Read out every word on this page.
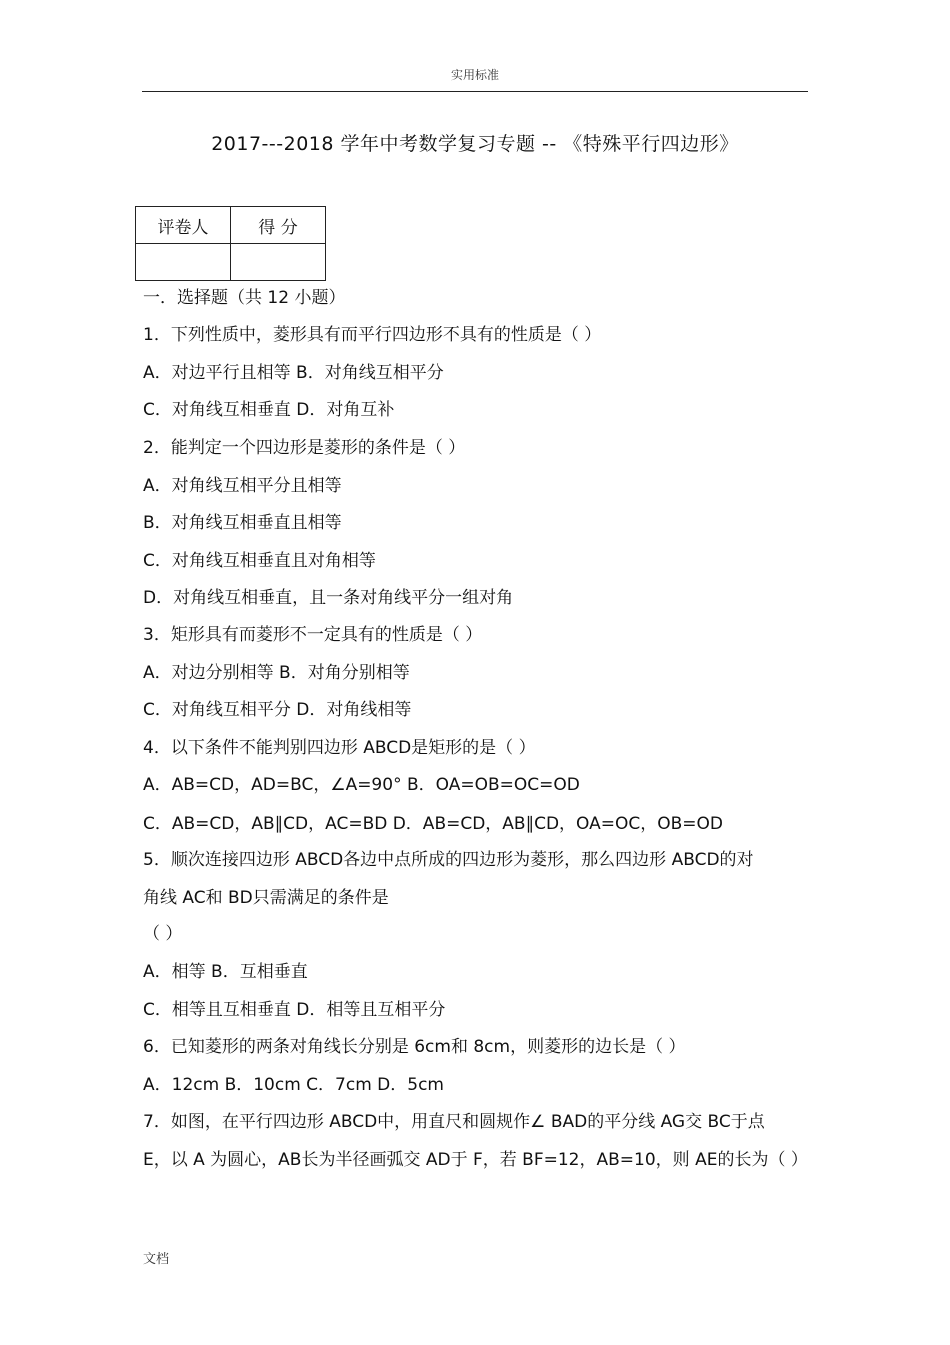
实用标准
2017---2018 学年中考数学复习专题 -- 《特殊平行四边形》
评卷人	得 分

一．选择题（共 12 小题）
1．下列性质中，菱形具有而平行四边形不具有的性质是（ ）
A．对边平行且相等 B．对角线互相平分
C．对角线互相垂直 D．对角互补
2．能判定一个四边形是菱形的条件是（ ）
A．对角线互相平分且相等
B．对角线互相垂直且相等
C．对角线互相垂直且对角相等
D．对角线互相垂直，且一条对角线平分一组对角
3．矩形具有而菱形不一定具有的性质是（ ）
A．对边分别相等 B．对角分别相等
C．对角线互相平分 D．对角线相等
4．以下条件不能判别四边形 ABCD是矩形的是（ ）
A．AB=CD，AD=BC，∠A=90° B．OA=OB=OC=OD
C．AB=CD，AB∥CD，AC=BD D．AB=CD，AB∥CD，OA=OC，OB=OD
5．顺次连接四边形 ABCD各边中点所成的四边形为菱形，那么四边形 ABCD的对
角线 AC和 BD只需满足的条件是
（ ）
A．相等 B．互相垂直
C．相等且互相垂直 D．相等且互相平分
6．已知菱形的两条对角线长分别是 6cm和 8cm，则菱形的边长是（ ）
A．12cm B．10cm C．7cm D．5cm
7．如图，在平行四边形 ABCD中，用直尺和圆规作∠ BAD的平分线 AG交 BC于点
E，以 A 为圆心，AB长为半径画弧交 AD于 F，若 BF=12，AB=10，则 AE的长为（ ）
文档
